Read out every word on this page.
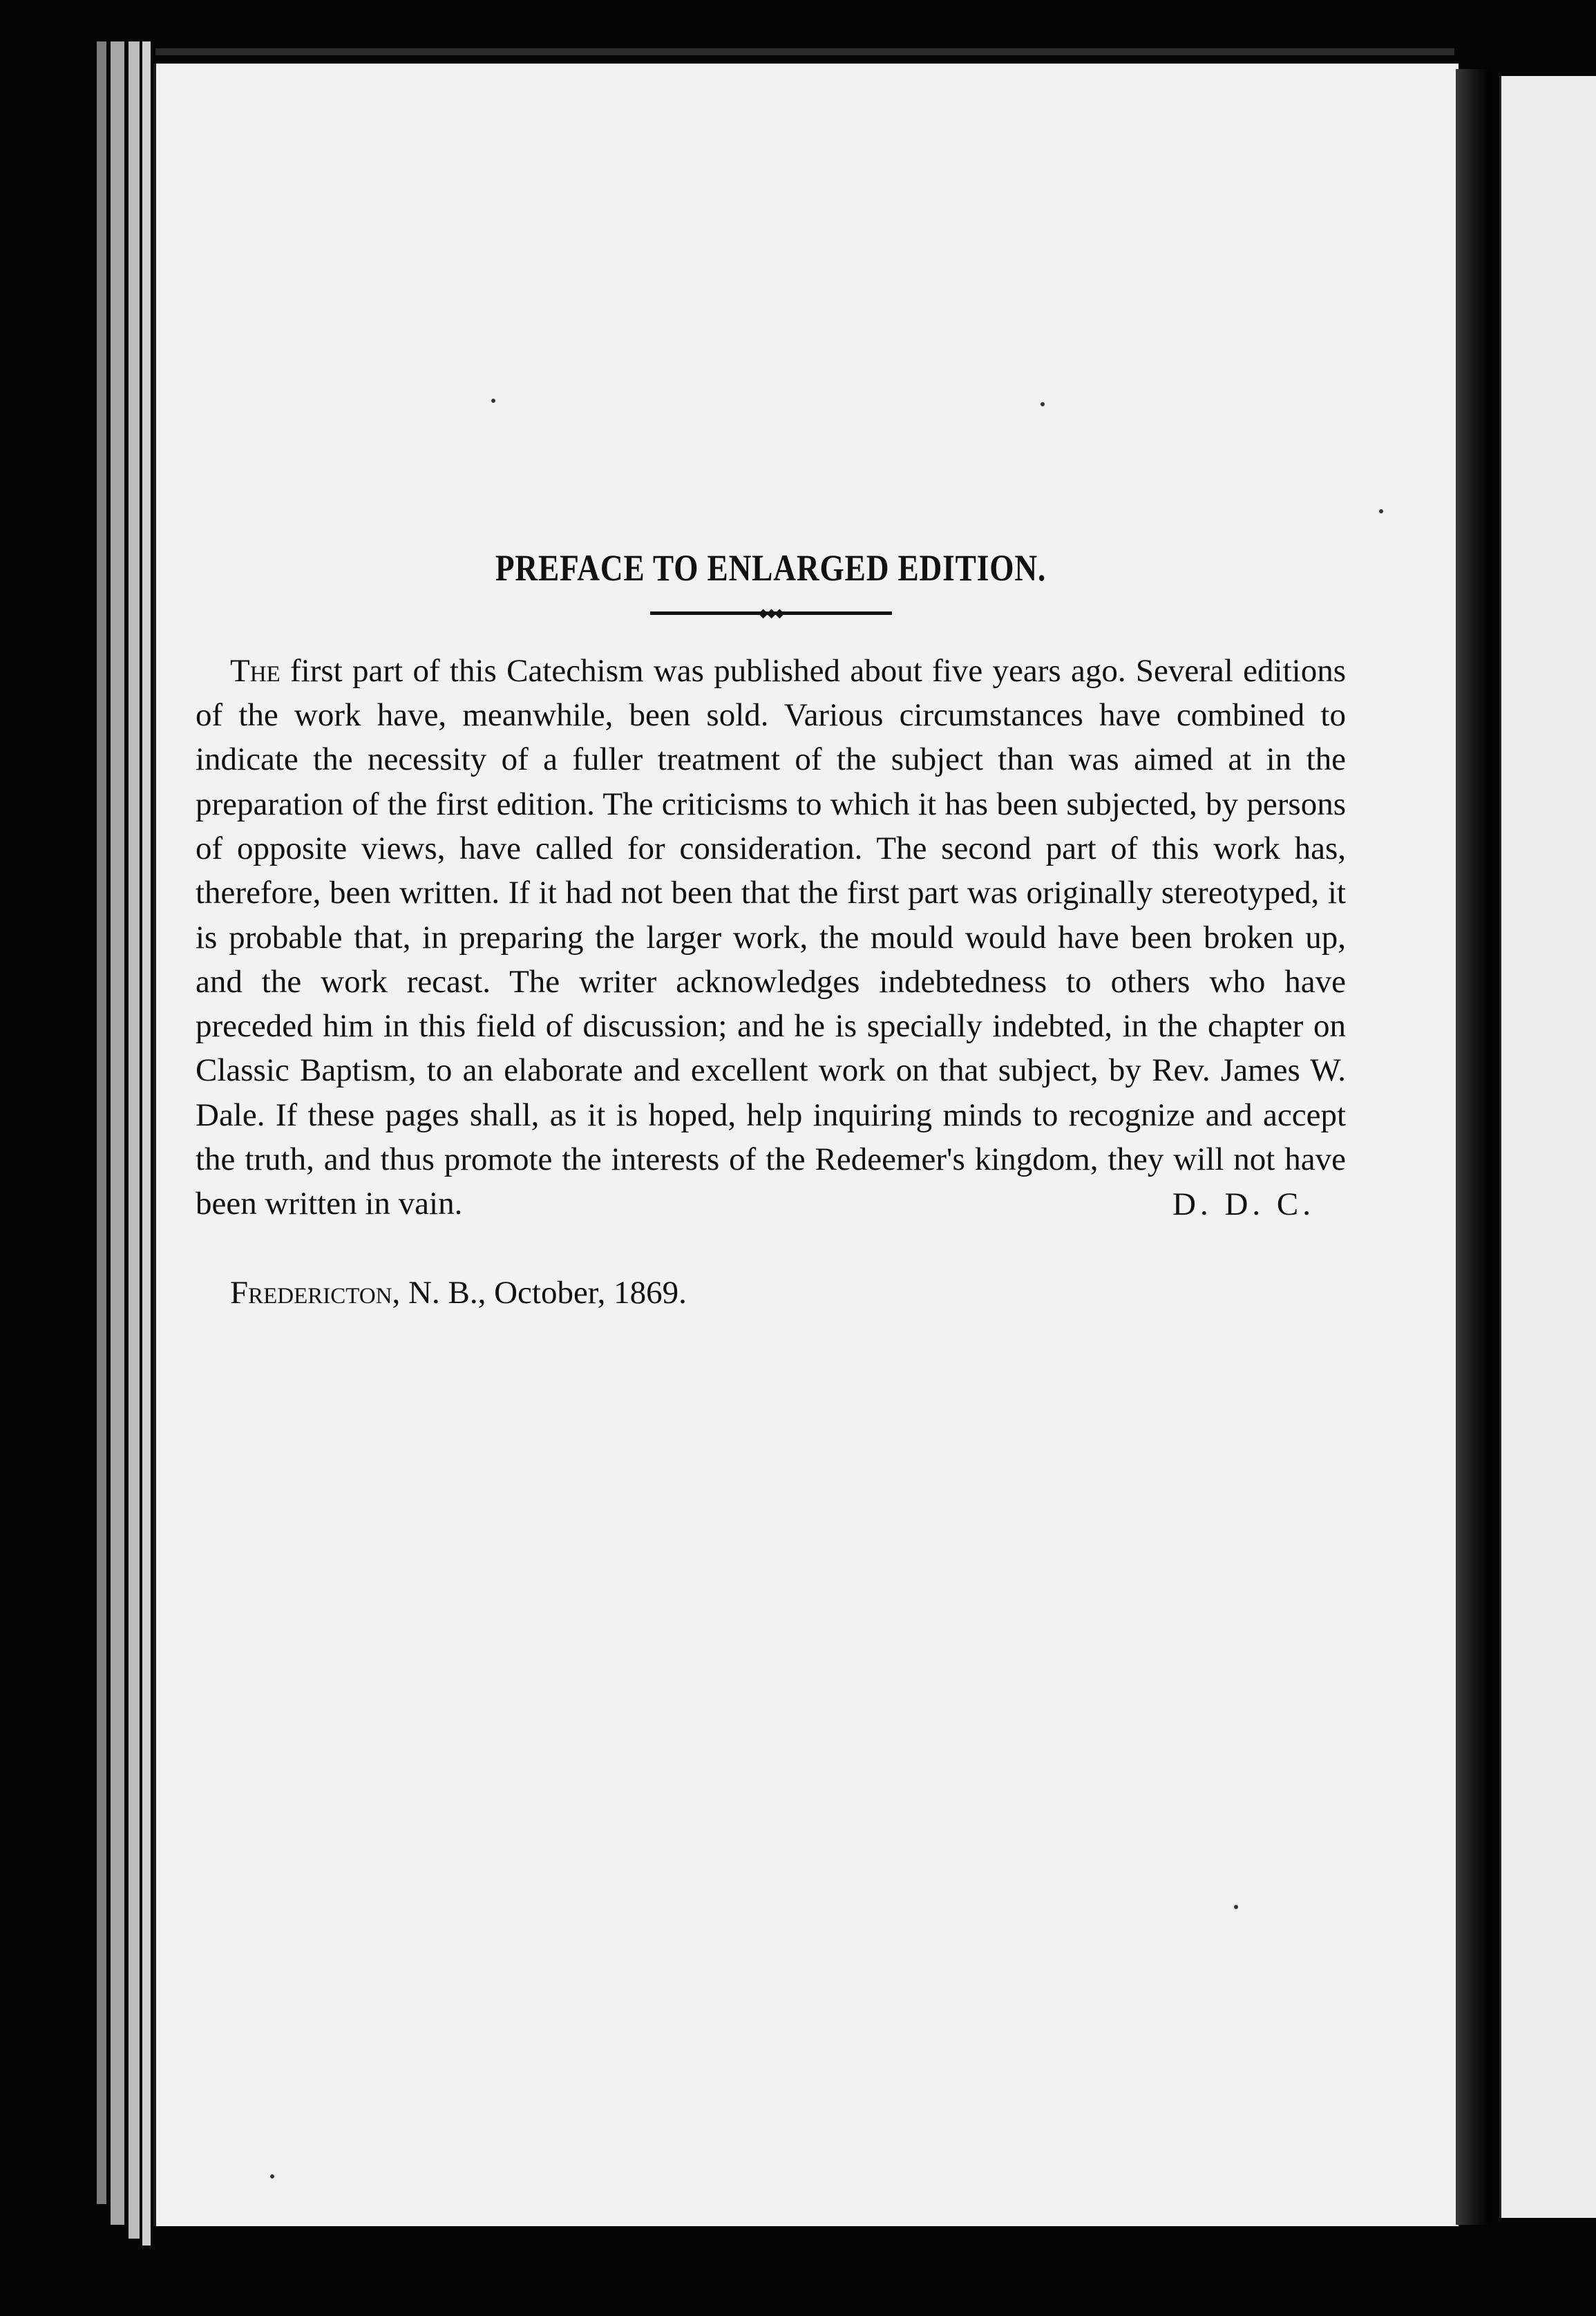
PREFACE TO ENLARGED EDITION.
◆◆◆

The first part of this Catechism was published about five years ago. Several editions of the work have, meanwhile, been sold. Various circumstances have combined to indicate the necessity of a fuller treatment of the subject than was aimed at in the preparation of the first edition. The criticisms to which it has been subjected, by persons of opposite views, have called for consideration. The second part of this work has, therefore, been written. If it had not been that the first part was originally stereotyped, it is probable that, in preparing the larger work, the mould would have been broken up, and the work recast. The writer acknowledges indebtedness to others who have preceded him in this field of discussion; and he is specially indebted, in the chapter on Classic Baptism, to an elaborate and excellent work on that subject, by Rev. James W. Dale. If these pages shall, as it is hoped, help inquiring minds to recognize and accept the truth, and thus promote the interests of the Redeemer's kingdom, they will not have been written in vain.	D. D. C.
Fredericton, N. B., October, 1869.
